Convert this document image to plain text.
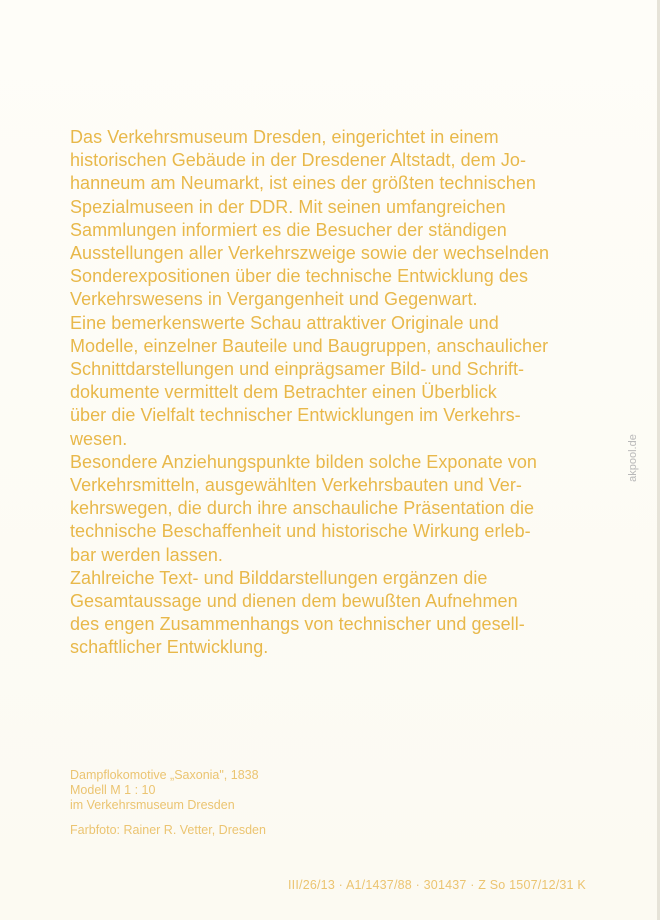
Das Verkehrsmuseum Dresden, eingerichtet in einem
historischen Gebäude in der Dresdener Altstadt, dem Jo-
hanneum am Neumarkt, ist eines der größten technischen
Spezialmuseen in der DDR. Mit seinen umfangreichen
Sammlungen informiert es die Besucher der ständigen
Ausstellungen aller Verkehrszweige sowie der wechselnden
Sonderexpositionen über die technische Entwicklung des
Verkehrswesens in Vergangenheit und Gegenwart.
Eine bemerkenswerte Schau attraktiver Originale und
Modelle, einzelner Bauteile und Baugruppen, anschaulicher
Schnittdarstellungen und einprägsamer Bild- und Schrift-
dokumente vermittelt dem Betrachter einen Überblick
über die Vielfalt technischer Entwicklungen im Verkehrs-
wesen.
Besondere Anziehungspunkte bilden solche Exponate von
Verkehrsmitteln, ausgewählten Verkehrsbauten und Ver-
kehrswegen, die durch ihre anschauliche Präsentation die
technische Beschaffenheit und historische Wirkung erleb-
bar werden lassen.
Zahlreiche Text- und Bilddarstellungen ergänzen die
Gesamtaussage und dienen dem bewußten Aufnehmen
des engen Zusammenhangs von technischer und gesell-
schaftlicher Entwicklung.
Dampflokomotive „Saxonia", 1838
Modell M 1 : 10
im Verkehrsmuseum Dresden
Farbfoto: Rainer R. Vetter, Dresden
III/26/13 · A1/1437/88 · 301437 · Z So 1507/12/31 K
akpool.de
